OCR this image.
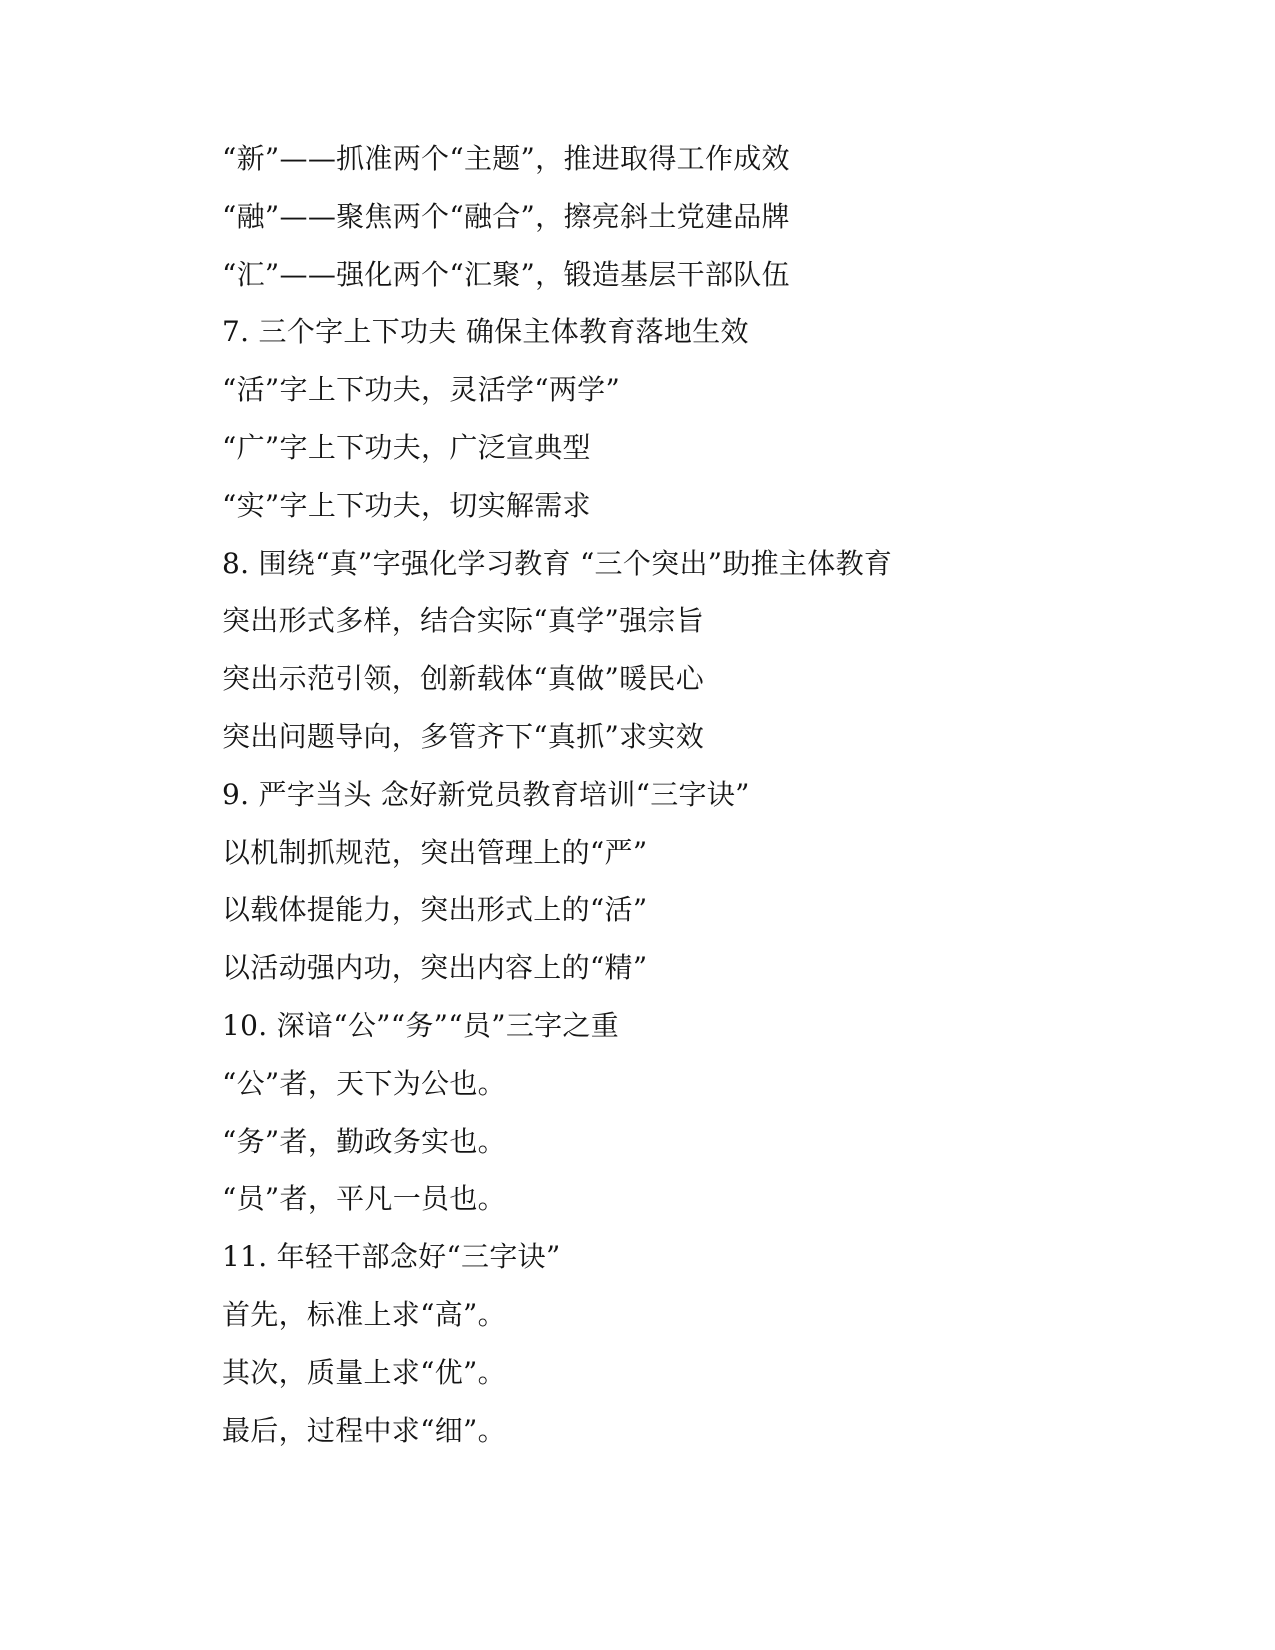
“新”——抓准两个“主题”，推进取得工作成效
“融”——聚焦两个“融合”，擦亮斜土党建品牌
“汇”——强化两个“汇聚”，锻造基层干部队伍
7. 三个字上下功夫 确保主体教育落地生效
“活”字上下功夫，灵活学“两学”
“广”字上下功夫，广泛宣典型
“实”字上下功夫，切实解需求
8. 围绕“真”字强化学习教育 “三个突出”助推主体教育
突出形式多样，结合实际“真学”强宗旨
突出示范引领，创新载体“真做”暖民心
突出问题导向，多管齐下“真抓”求实效
9. 严字当头 念好新党员教育培训“三字诀”
以机制抓规范，突出管理上的“严”
以载体提能力，突出形式上的“活”
以活动强内功，突出内容上的“精”
10. 深谙“公”“务”“员”三字之重
“公”者，天下为公也。
“务”者，勤政务实也。
“员”者，平凡一员也。
11. 年轻干部念好“三字诀”
首先，标准上求“高”。
其次，质量上求“优”。
最后，过程中求“细”。
